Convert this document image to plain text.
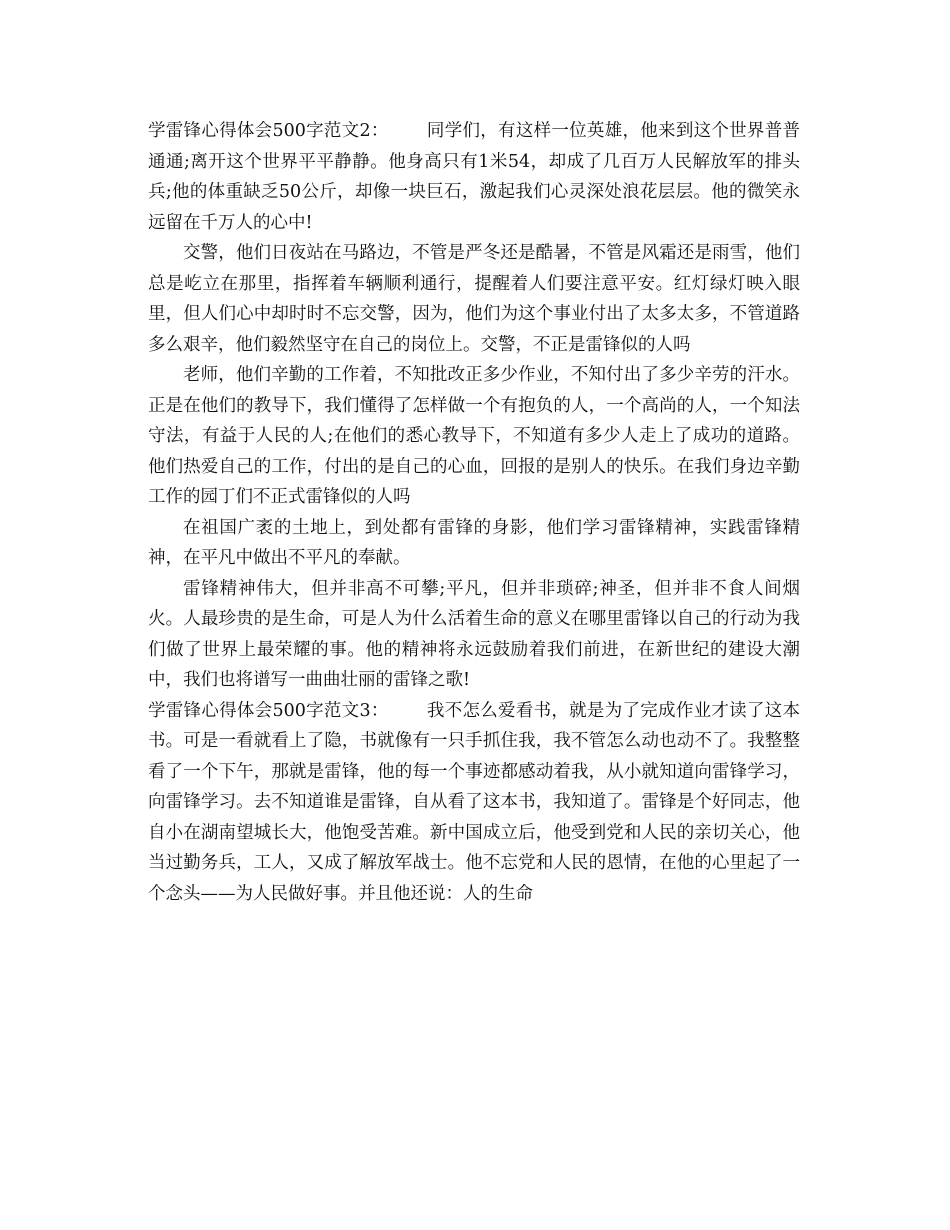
学雷锋心得体会500字范文2： 同学们，有这样一位英雄，他来到这个世界普普通通;离开这个世界平平静静。他身高只有1米54，却成了几百万人民解放军的排头兵;他的体重缺乏50公斤，却像一块巨石，激起我们心灵深处浪花层层。他的微笑永远留在千万人的心中!

交警，他们日夜站在马路边，不管是严冬还是酷暑，不管是风霜还是雨雪，他们总是屹立在那里，指挥着车辆顺利通行，提醒着人们要注意平安。红灯绿灯映入眼里，但人们心中却时时不忘交警，因为，他们为这个事业付出了太多太多，不管道路多么艰辛，他们毅然坚守在自己的岗位上。交警，不正是雷锋似的人吗

老师，他们辛勤的工作着，不知批改正多少作业，不知付出了多少辛劳的汗水。正是在他们的教导下，我们懂得了怎样做一个有抱负的人，一个高尚的人，一个知法守法，有益于人民的人;在他们的悉心教导下，不知道有多少人走上了成功的道路。他们热爱自己的工作，付出的是自己的心血，回报的是别人的快乐。在我们身边辛勤工作的园丁们不正式雷锋似的人吗

在祖国广袤的土地上，到处都有雷锋的身影，他们学习雷锋精神，实践雷锋精神，在平凡中做出不平凡的奉献。

雷锋精神伟大，但并非高不可攀;平凡，但并非琐碎;神圣，但并非不食人间烟火。人最珍贵的是生命，可是人为什么活着生命的意义在哪里雷锋以自己的行动为我们做了世界上最荣耀的事。他的精神将永远鼓励着我们前进，在新世纪的建设大潮中，我们也将谱写一曲曲壮丽的雷锋之歌!

学雷锋心得体会500字范文3： 我不怎么爱看书，就是为了完成作业才读了这本书。可是一看就看上了隐，书就像有一只手抓住我，我不管怎么动也动不了。我整整看了一个下午，那就是雷锋，他的每一个事迹都感动着我，从小就知道向雷锋学习，向雷锋学习。去不知道谁是雷锋，自从看了这本书，我知道了。雷锋是个好同志，他自小在湖南望城长大，他饱受苦难。新中国成立后，他受到党和人民的亲切关心，他当过勤务兵，工人，又成了解放军战士。他不忘党和人民的恩情，在他的心里起了一个念头——为人民做好事。并且他还说：人的生命
